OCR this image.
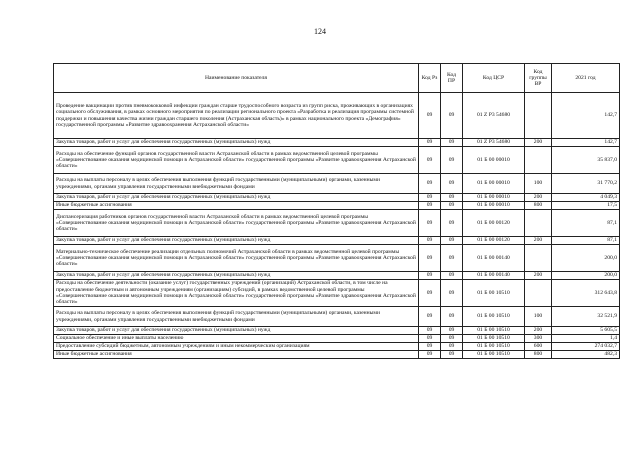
124
Наименование показателя	Код Рз	Код ПР	Код ЦСР	Код группы ВР	2021 год
Проведение вакцинации против пневмококковой инфекции граждан старше трудоспособного возраста из групп риска, проживающих в организациях социального обслуживания, в рамках основного мероприятия по реализации регионального проекта «Разработка и реализация программы системной поддержки и повышения качества жизни граждан старшего поколения (Астраханская область)» в рамках национального проекта «Демография» государственной программы «Развитие здравоохранения Астраханской области»	09	09	01 Z P3 54680		142,7
Закупка товаров, работ и услуг для обеспечения государственных (муниципальных) нужд	09	09	01 Z P3 54680	200	142,7
Расходы на обеспечение функций органов государственной власти Астраханской области в рамках ведомственной целевой программы «Совершенствование оказания медицинской помощи в Астраханской области» государственной программы «Развитие здравоохранения Астраханской области»	09	09	01 Б 00 00010		35 837,0
Расходы на выплаты персоналу в целях обеспечения выполнения функций государственными (муниципальными) органами, казенными учреждениями, органами управления государственными внебюджетными фондами	09	09	01 Б 00 00010	100	31 770,2
Закупка товаров, работ и услуг для обеспечения государственных (муниципальных) нужд	09	09	01 Б 00 00010	200	4 049,3
Иные бюджетные ассигнования	09	09	01 Б 00 00010	800	17,5
Диспансеризация работников органов государственной власти Астраханской области в рамках ведомственной целевой программы «Совершенствование оказания медицинской помощи в Астраханской области» государственной программы «Развитие здравоохранения Астраханской области»	09	09	01 Б 00 00120		87,1
Закупка товаров, работ и услуг для обеспечения государственных (муниципальных) нужд	09	09	01 Б 00 00120	200	87,1
Материально-техническое обеспечение реализации отдельных полномочий Астраханской области в рамках ведомственной целевой программы «Совершенствование оказания медицинской помощи в Астраханской области» государственной программы «Развитие здравоохранения Астраханской области»	09	09	01 Б 00 00140		200,0
Закупка товаров, работ и услуг для обеспечения государственных (муниципальных) нужд	09	09	01 Б 00 00140	200	200,0
Расходы на обеспечение деятельности (оказание услуг) государственных учреждений (организаций) Астраханской области, в том числе на предоставление бюджетным и автономным учреждениям (организациям) субсидий, в рамках ведомственной целевой программы «Совершенствование оказания медицинской помощи в Астраханской области» государственной программы «Развитие здравоохранения Астраханской области»	09	09	01 Б 00 10510		312 643,8
Расходы на выплаты персоналу в целях обеспечения выполнения функций государственными (муниципальными) органами, казенными учреждениями, органами управления государственными внебюджетными фондами	09	09	01 Б 00 10510	100	32 521,9
Закупка товаров, работ и услуг для обеспечения государственных (муниципальных) нужд	09	09	01 Б 00 10510	200	5 605,5
Социальное обеспечение и иные выплаты населению	09	09	01 Б 00 10510	300	1,4
Предоставление субсидий бюджетным, автономным учреждениям и иным некоммерческим организациям	09	09	01 Б 00 10510	600	274 032,7
Иные бюджетные ассигнования	09	09	01 Б 00 10510	800	482,3
